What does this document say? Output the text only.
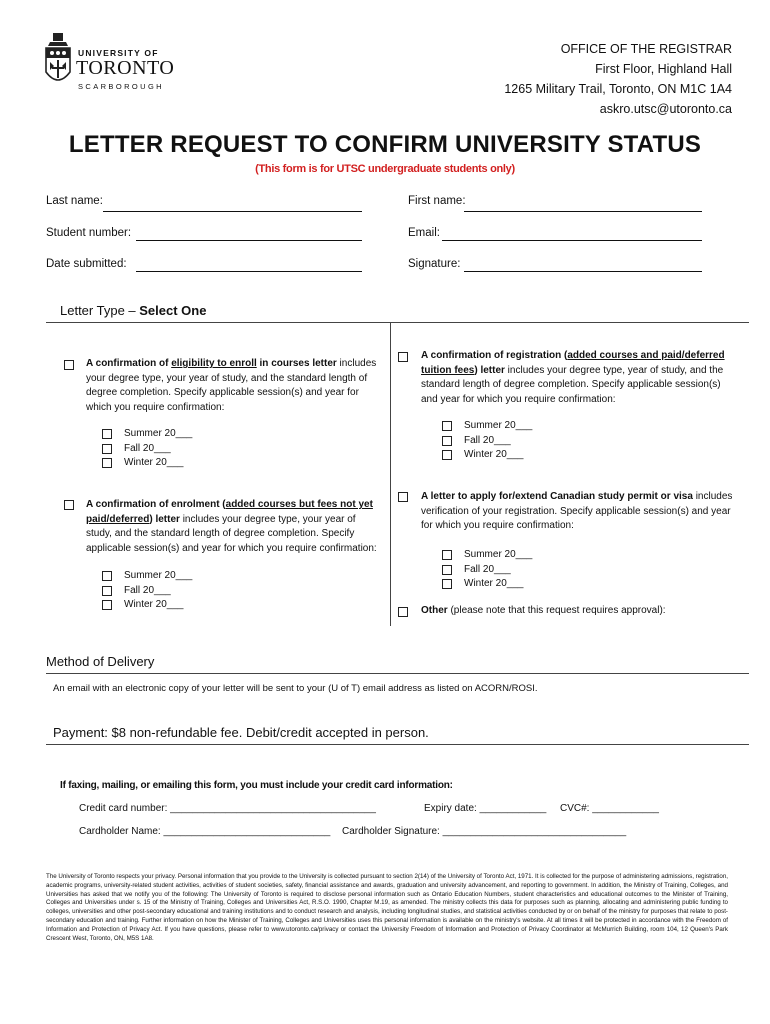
UNIVERSITY OF
TORONTO
SCARBOROUGH
OFFICE OF THE REGISTRAR
First Floor, Highland Hall
1265 Military Trail, Toronto, ON M1C 1A4
askro.utsc@utoronto.ca
LETTER REQUEST TO CONFIRM UNIVERSITY STATUS
(This form is for UTSC undergraduate students only)
Last name:	First name:
Student number:	Email:
Date submitted:	Signature:
Letter Type – Select One
A confirmation of eligibility to enroll in courses letter includes your degree type, your year of study, and the standard length of degree completion. Specify applicable session(s) and year for which you require confirmation:
Summer 20___
Fall 20___
Winter 20___
A confirmation of enrolment (added courses but fees not yet paid/deferred) letter includes your degree type, your year of study, and the standard length of degree completion. Specify applicable session(s) and year for which you require confirmation:
Summer 20___
Fall 20___
Winter 20___
A confirmation of registration (added courses and paid/deferred tuition fees) letter includes your degree type, year of study, and the standard length of degree completion. Specify applicable session(s) and year for which you require confirmation:
Summer 20___
Fall 20___
Winter 20___
A letter to apply for/extend Canadian study permit or visa includes verification of your registration. Specify applicable session(s) and year for which you require confirmation:
Summer 20___
Fall 20___
Winter 20___
Other (please note that this request requires approval):
Method of Delivery
An email with an electronic copy of your letter will be sent to your (U of T) email address as listed on ACORN/ROSI.
Payment: $8 non-refundable fee. Debit/credit accepted in person.
If faxing, mailing, or emailing this form, you must include your credit card information:
Credit card number: _____________________________________	Expiry date: ____________ CVC#: ____________
Cardholder Name: ______________________________ Cardholder Signature: _________________________________
The University of Toronto respects your privacy. Personal information that you provide to the University is collected pursuant to section 2(14) of the University of Toronto Act, 1971. It is collected for the purpose of administering admissions, registration, academic programs, university-related student activities, activities of student societies, safety, financial assistance and awards, graduation and university advancement, and reporting to government. In addition, the Ministry of Training, Colleges, and Universities has asked that we notify you of the following: The University of Toronto is required to disclose personal information such as Ontario Education Numbers, student characteristics and educational outcomes to the Minister of Training, Colleges and Universities under s. 15 of the Ministry of Training, Colleges and Universities Act, R.S.O. 1990, Chapter M.19, as amended. The ministry collects this data for purposes such as planning, allocating and administering public funding to colleges, universities and other post-secondary educational and training institutions and to conduct research and analysis, including longitudinal studies, and statistical activities conducted by or on behalf of the ministry for purposes that relate to post-secondary education and training. Further information on how the Minister of Training, Colleges and Universities uses this personal information is available on the ministry's website. At all times it will be protected in accordance with the Freedom of Information and Protection of Privacy Act. If you have questions, please refer to www.utoronto.ca/privacy or contact the University Freedom of Information and Protection of Privacy Coordinator at McMurrich Building, room 104, 12 Queen's Park Crescent West, Toronto, ON, M5S 1A8.
